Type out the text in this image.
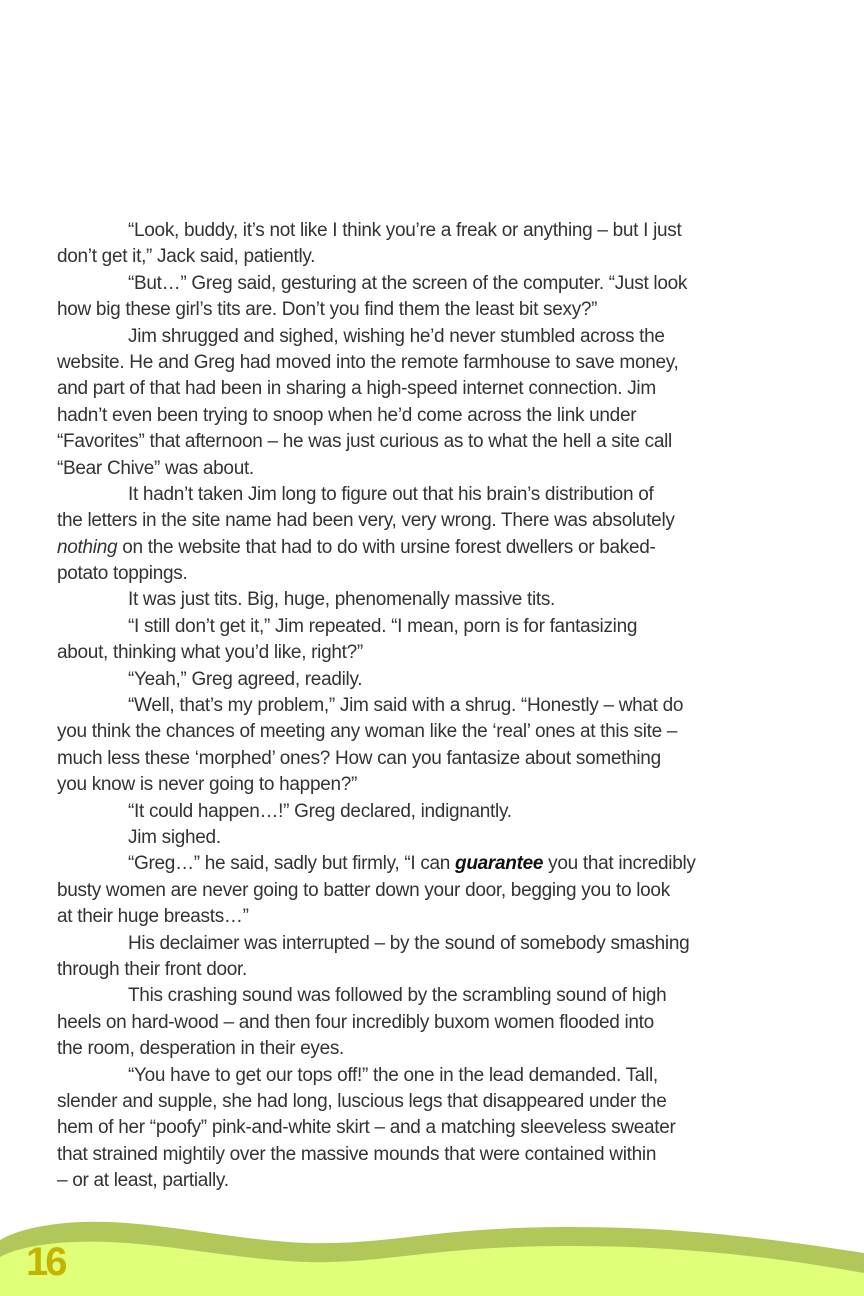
“Look, buddy, it’s not like I think you’re a freak or anything – but I just
don’t get it,” Jack said, patiently.
“But…” Greg said, gesturing at the screen of the computer. “Just look
how big these girl’s tits are. Don’t you find them the least bit sexy?”
Jim shrugged and sighed, wishing he’d never stumbled across the
website. He and Greg had moved into the remote farmhouse to save money,
and part of that had been in sharing a high-speed internet connection. Jim
hadn’t even been trying to snoop when he’d come across the link under
“Favorites” that afternoon – he was just curious as to what the hell a site call
“Bear Chive” was about.
It hadn’t taken Jim long to figure out that his brain’s distribution of
the letters in the site name had been very, very wrong. There was absolutely
nothing on the website that had to do with ursine forest dwellers or baked-
potato toppings.
It was just tits. Big, huge, phenomenally massive tits.
“I still don’t get it,” Jim repeated. “I mean, porn is for fantasizing
about, thinking what you’d like, right?”
“Yeah,” Greg agreed, readily.
“Well, that’s my problem,” Jim said with a shrug. “Honestly – what do
you think the chances of meeting any woman like the ‘real’ ones at this site –
much less these ‘morphed’ ones? How can you fantasize about something
you know is never going to happen?”
“It could happen…!” Greg declared, indignantly.
Jim sighed.
“Greg…” he said, sadly but firmly, “I can guarantee you that incredibly
busty women are never going to batter down your door, begging you to look
at their huge breasts…”
His declaimer was interrupted – by the sound of somebody smashing
through their front door.
This crashing sound was followed by the scrambling sound of high
heels on hard-wood – and then four incredibly buxom women flooded into
the room, desperation in their eyes.
“You have to get our tops off!” the one in the lead demanded. Tall,
slender and supple, she had long, luscious legs that disappeared under the
hem of her “poofy” pink-and-white skirt – and a matching sleeveless sweater
that strained mightily over the massive mounds that were contained within
– or at least, partially.
16
